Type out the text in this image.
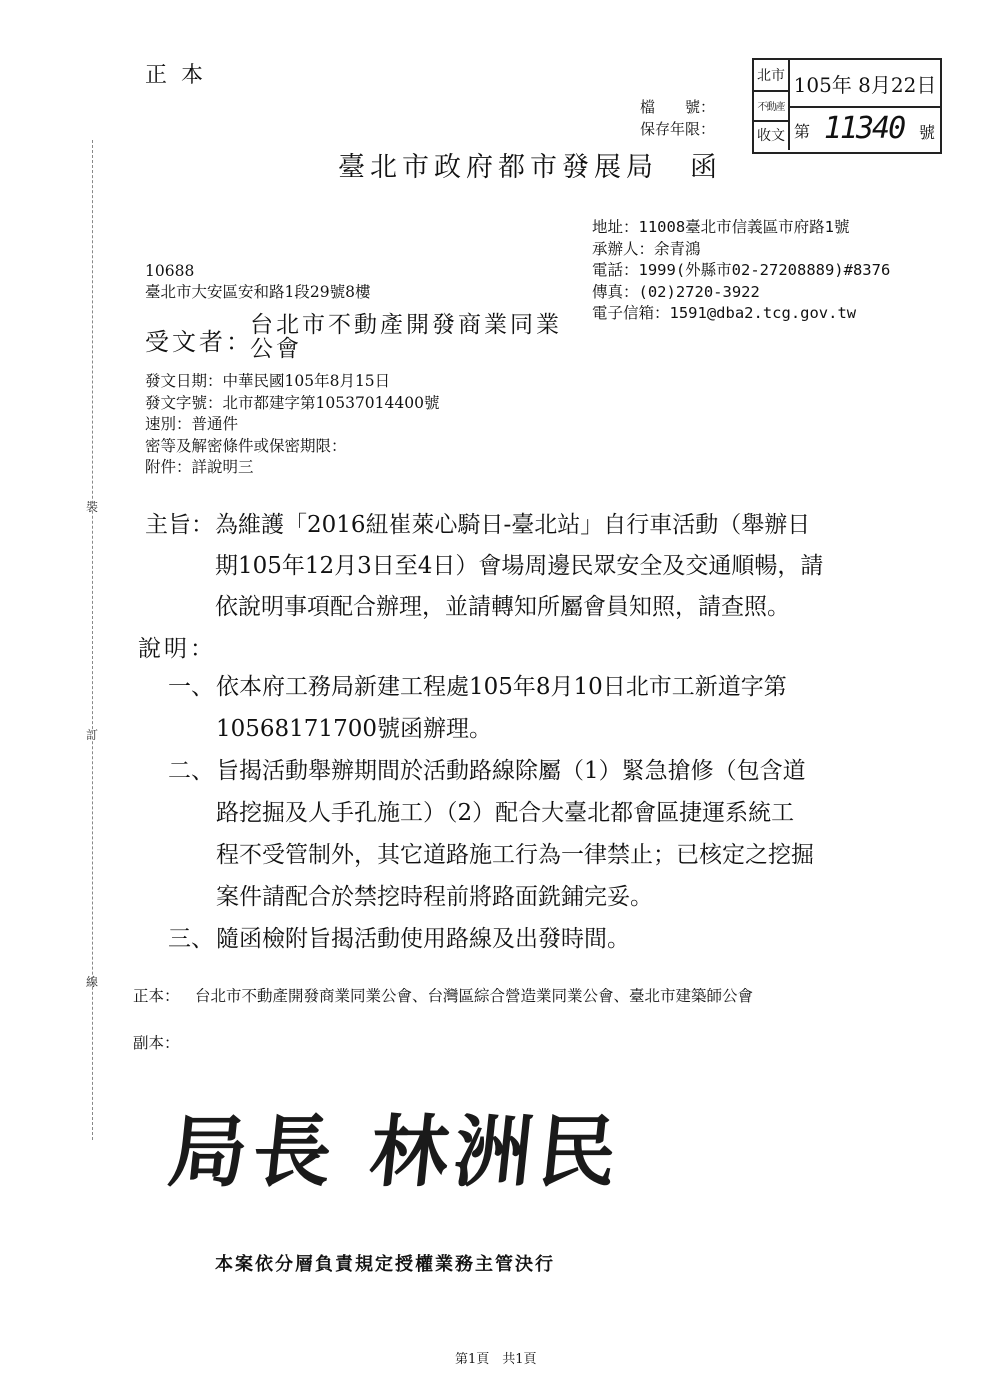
正本
檔　　號：
保存年限：
北市
不動產
收文
105年 8月22日
第 11340 號
臺北市政府都市發展局　函
地址：11008臺北市信義區市府路1號
承辦人：余青鴻
電話：1999(外縣市02-27208889)#8376
傳真：(02)2720-3922
電子信箱：1591@dba2.tcg.gov.tw
10688
臺北市大安區安和路1段29號8樓
受文者：
台北市不動產開發商業同業公會
發文日期：中華民國105年8月15日
發文字號：北市都建字第10537014400號
速別：普通件
密等及解密條件或保密期限：
附件：詳說明三
裝
訂
線
主旨： 為維護「2016紐崔萊心騎日-臺北站」自行車活動（舉辦日
期105年12月3日至4日）會場周邊民眾安全及交通順暢，請
依說明事項配合辦理，並請轉知所屬會員知照，請查照。
說明：
一、 依本府工務局新建工程處105年8月10日北市工新道字第
10568171700號函辦理。
二、 旨揭活動舉辦期間於活動路線除屬（1）緊急搶修（包含道
路挖掘及人手孔施工）（2）配合大臺北都會區捷運系統工
程不受管制外，其它道路施工行為一律禁止；已核定之挖掘
案件請配合於禁挖時程前將路面銑鋪完妥。
三、 隨函檢附旨揭活動使用路線及出發時間。
正本： 台北市不動產開發商業同業公會、台灣區綜合營造業同業公會、臺北市建築師公會
副本：
局長 林洲民
本案依分層負責規定授權業務主管決行
第1頁　共1頁
